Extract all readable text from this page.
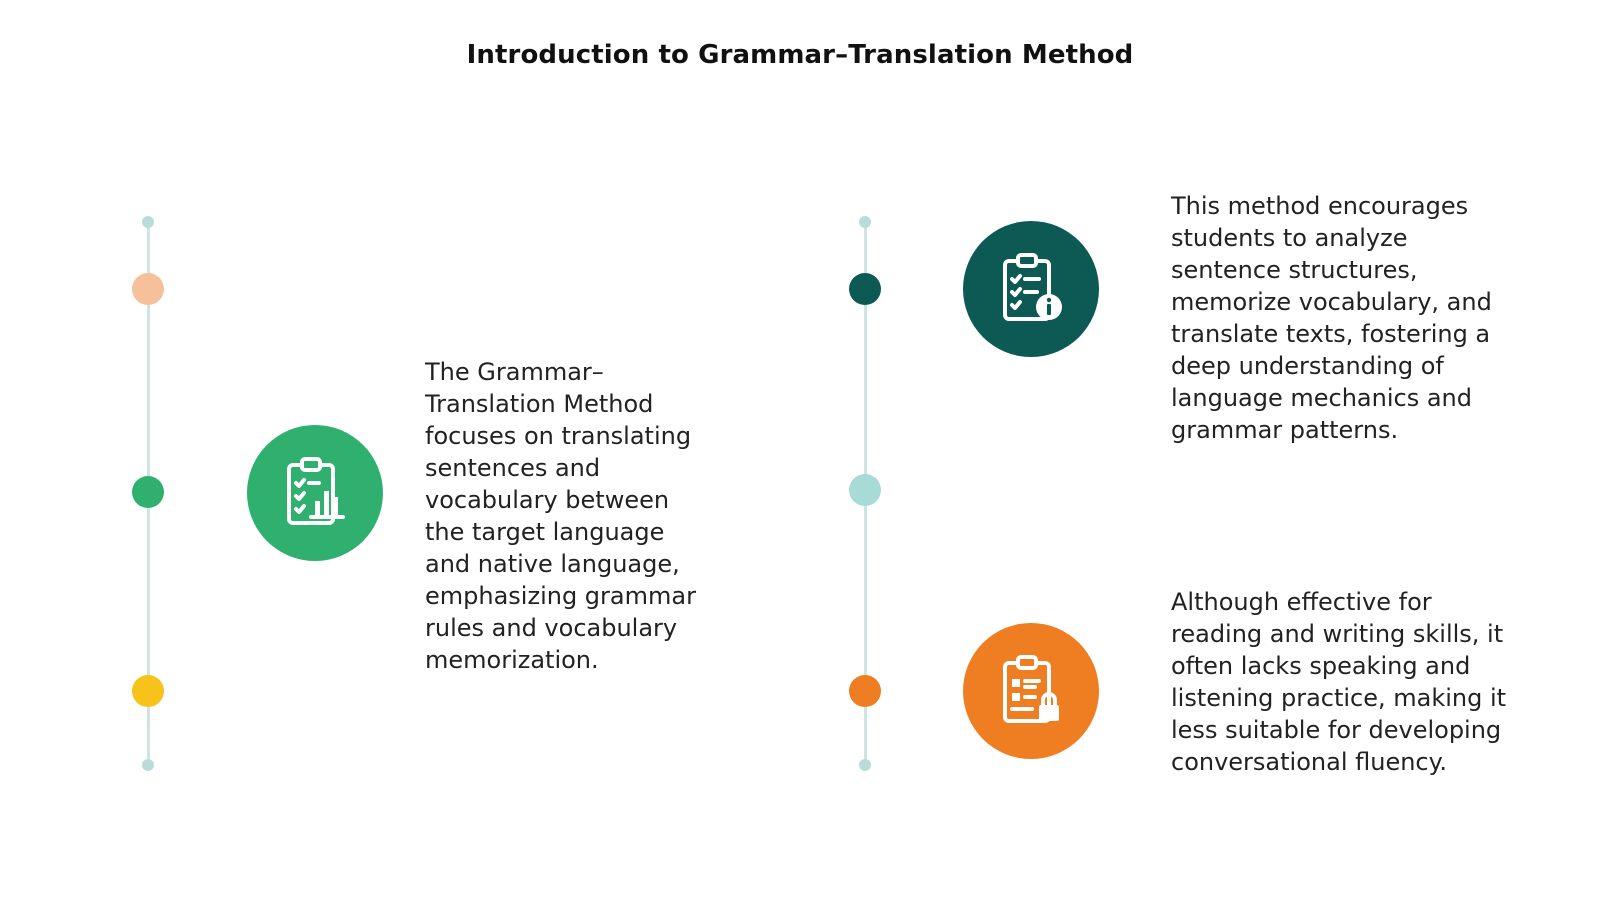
Introduction to Grammar–Translation Method
The Grammar–
Translation Method
focuses on translating
sentences and
vocabulary between
the target language
and native language,
emphasizing grammar
rules and vocabulary
memorization.
This method encourages
students to analyze
sentence structures,
memorize vocabulary, and
translate texts, fostering a
deep understanding of
language mechanics and
grammar patterns.
Although effective for
reading and writing skills, it
often lacks speaking and
listening practice, making it
less suitable for developing
conversational fluency.
